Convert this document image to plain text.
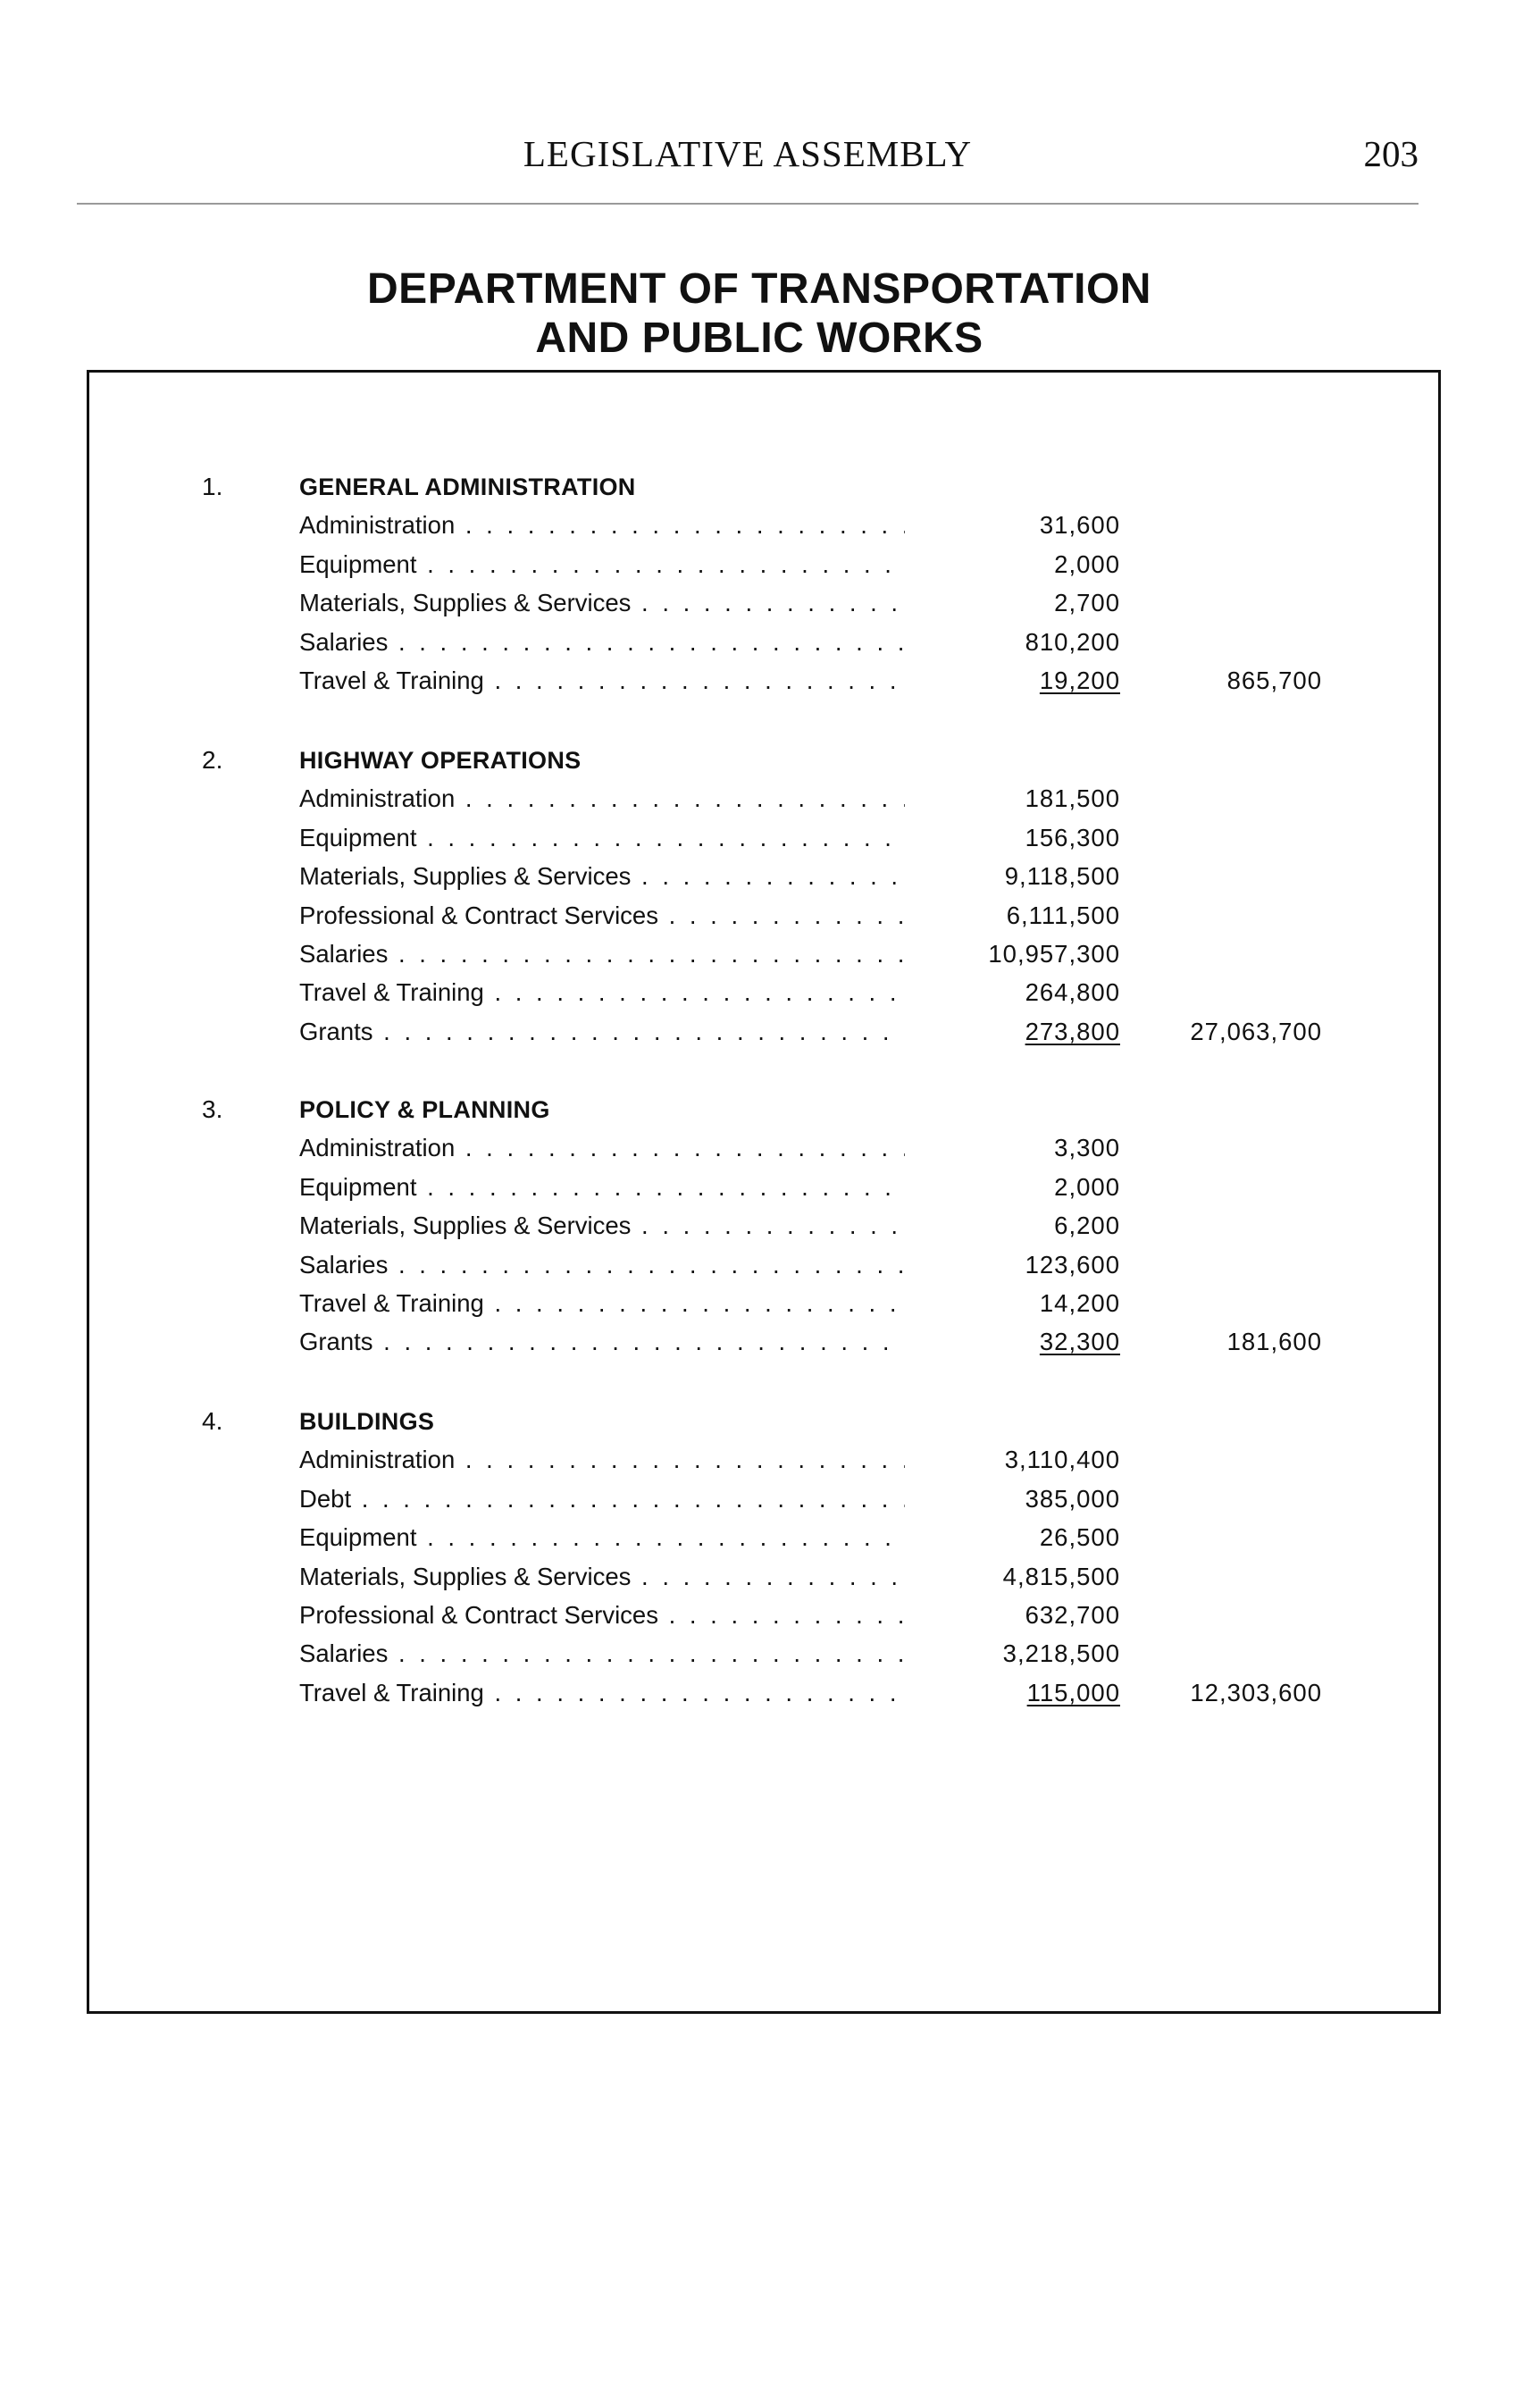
LEGISLATIVE ASSEMBLY	203
DEPARTMENT OF TRANSPORTATION
AND PUBLIC WORKS
1.	GENERAL ADMINISTRATION
Administration . . .	31,600
Equipment . . .	2,000
Materials, Supplies & Services . . .	2,700
Salaries . . .	810,200
Travel & Training . . .	19,200	865,700
2.	HIGHWAY OPERATIONS
Administration . . .	181,500
Equipment . . .	156,300
Materials, Supplies & Services . . .	9,118,500
Professional & Contract Services . . .	6,111,500
Salaries . . .	10,957,300
Travel & Training . . .	264,800
Grants . . .	273,800	27,063,700
3.	POLICY & PLANNING
Administration . . .	3,300
Equipment . . .	2,000
Materials, Supplies & Services . . .	6,200
Salaries . . .	123,600
Travel & Training . . .	14,200
Grants . . .	32,300	181,600
4.	BUILDINGS
Administration . . .	3,110,400
Debt . . .	385,000
Equipment . . .	26,500
Materials, Supplies & Services . . .	4,815,500
Professional & Contract Services . . .	632,700
Salaries . . .	3,218,500
Travel & Training . . .	115,000	12,303,600
